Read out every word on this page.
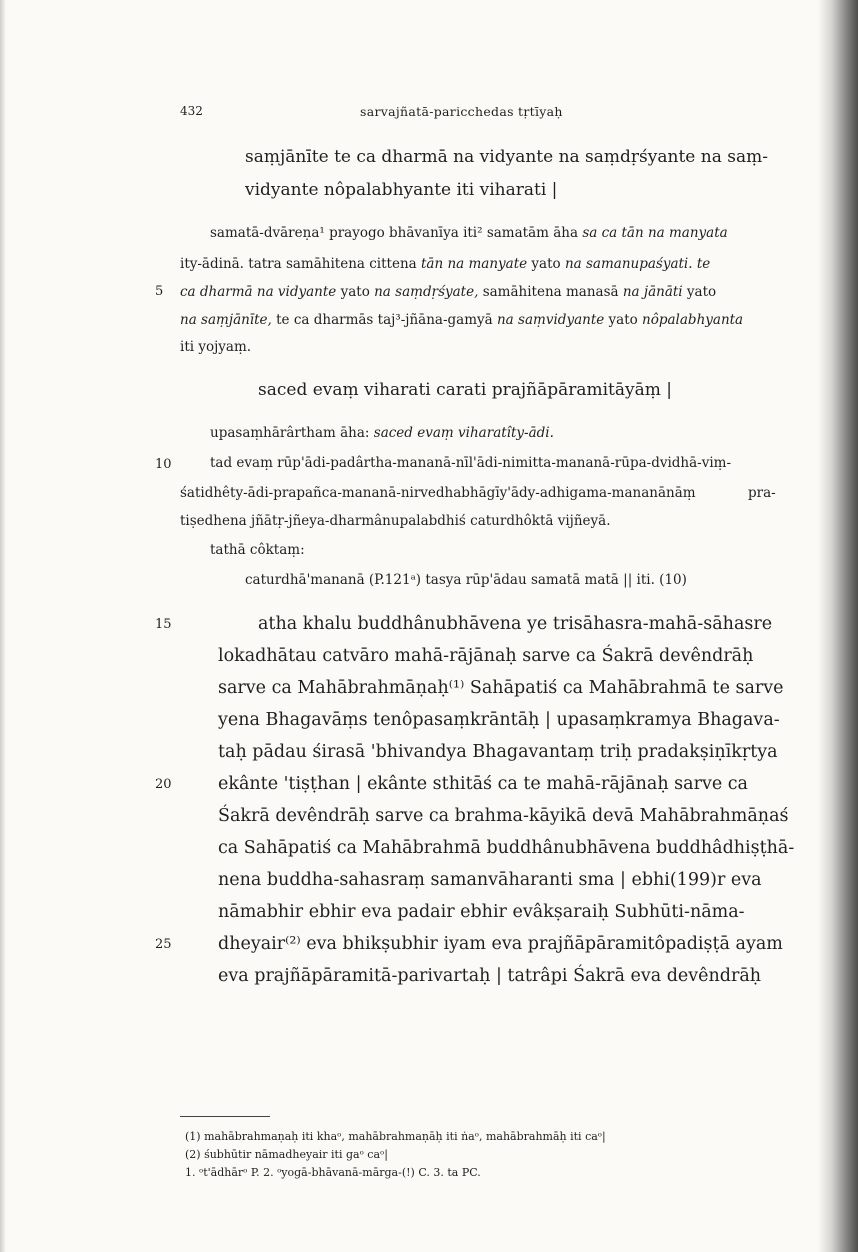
432	sarvajñatā-paricchedas tṛtīyaḥ
saṃjānīte te ca dharmā na vidyante na saṃdṛśyante na saṃ-
vidyante nôpalabhyante iti viharati |
samatā-dvāreṇa¹ prayogo bhāvanīya iti² samatām āha sa ca tān na manyata
ity-ādinā. tatra samāhitena cittena tān na manyate yato na samanupaśyati. te
5 ca dharmā na vidyante yato na saṃdṛśyate, samāhitena manasā na jānāti yato
na saṃjānīte, te ca dharmās taj³-jñāna-gamyā na saṃvidyante yato nôpalabhyanta
iti yojyaṃ.
saced evaṃ viharati carati prajñāpāramitāyāṃ |
upasaṃhārârtham āha: saced evaṃ viharatîty-ādi.
10	tad evaṃ rūp'ādi-padârtha-mananā-nīl'ādi-nimitta-mananā-rūpa-dvidhā-viṃ-
śatidhêty-ādi-prapañca-mananā-nirvedhabhāgīy'ādy-adhigama-mananānāṃ	pra-
tiṣedhena jñātṛ-jñeya-dharmânupalabdhiś caturdhôktā vijñeyā.
tathā côktaṃ:
caturdhā'mananā (P.121ᵃ) tasya rūp'ādau samatā matā || iti. (10)
15	atha khalu buddhânubhāvena ye trisāhasra-mahā-sāhasre
lokadhātau catvāro mahā-rājānaḥ sarve ca Śakrā devêndrāḥ
sarve ca Mahābrahmāṇaḥ⁽¹⁾ Sahāpatiś ca Mahābrahmā te sarve
yena Bhagavāṃs tenôpasaṃkrāntāḥ | upasaṃkramya Bhagava-
taḥ pādau śirasā 'bhivandya Bhagavantaṃ triḥ pradakṣiṇīkṛtya
20	ekânte 'tiṣṭhan | ekânte sthitāś ca te mahā-rājānaḥ sarve ca
Śakrā devêndrāḥ sarve ca brahma-kāyikā devā Mahābrahmāṇaś
ca Sahāpatiś ca Mahābrahmā buddhânubhāvena buddhâdhiṣṭhā-
nena buddha-sahasraṃ samanvāharanti sma | ebhi(199)r eva
nāmabhir ebhir eva padair ebhir evâkṣaraiḥ Subhūti-nāma-
25	dheyair⁽²⁾ eva bhikṣubhir iyam eva prajñāpāramitôpadiṣṭā ayam
eva prajñāpāramitā-parivartaḥ | tatrâpi Śakrā eva devêndrāḥ
(1) mahābrahmaṇaḥ iti khaᵒ, mahābrahmaṇāḥ iti ṅaᵒ, mahābrahmāḥ iti caᵒ|
(2) śubhūtir nāmadheyair iti gaᵒ caᵒ|
1. ᵒt'ādhārᵒ P. 2. ᵒyogā-bhāvanā-mārga-(!) C. 3. ta PC.
